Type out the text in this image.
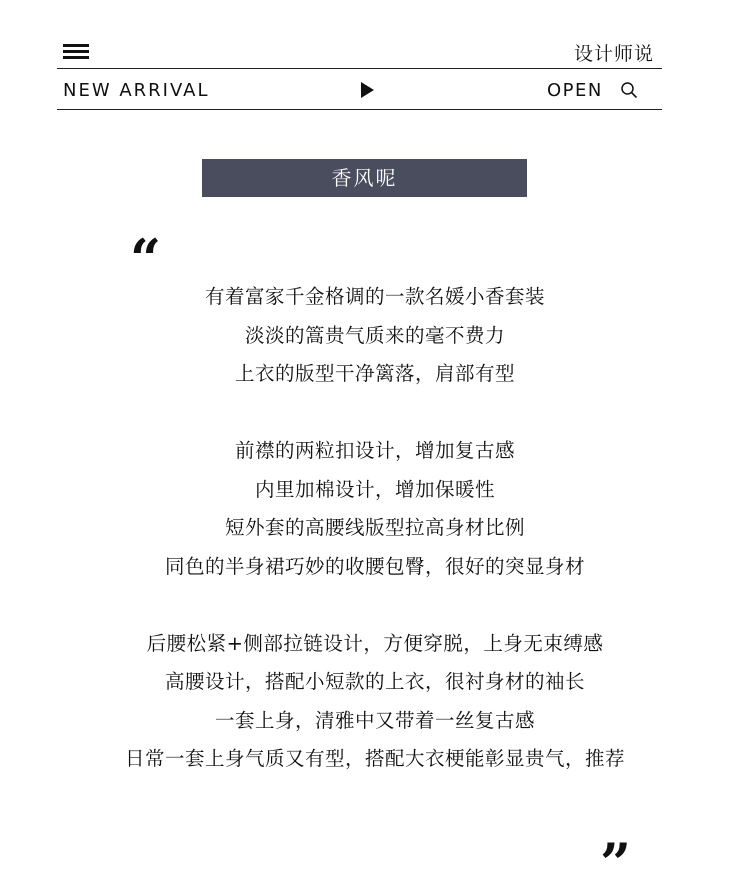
设计师说
NEW ARRIVAL	OPEN
香风呢
“
有着富家千金格调的一款名媛小香套装
淡淡的篙贵气质来的毫不费力
上衣的版型干净篱落，肩部有型
前襟的两粒扣设计，增加复古感
内里加棉设计，增加保暖性
短外套的高腰线版型拉高身材比例
同色的半身裙巧妙的收腰包臀，很好的突显身材
后腰松紧+侧部拉链设计，方便穿脱，上身无束缚感
高腰设计，搭配小短款的上衣，很衬身材的袖长
一套上身，清雅中又带着一丝复古感
日常一套上身气质又有型，搭配大衣梗能彰显贵气，推荐
”
